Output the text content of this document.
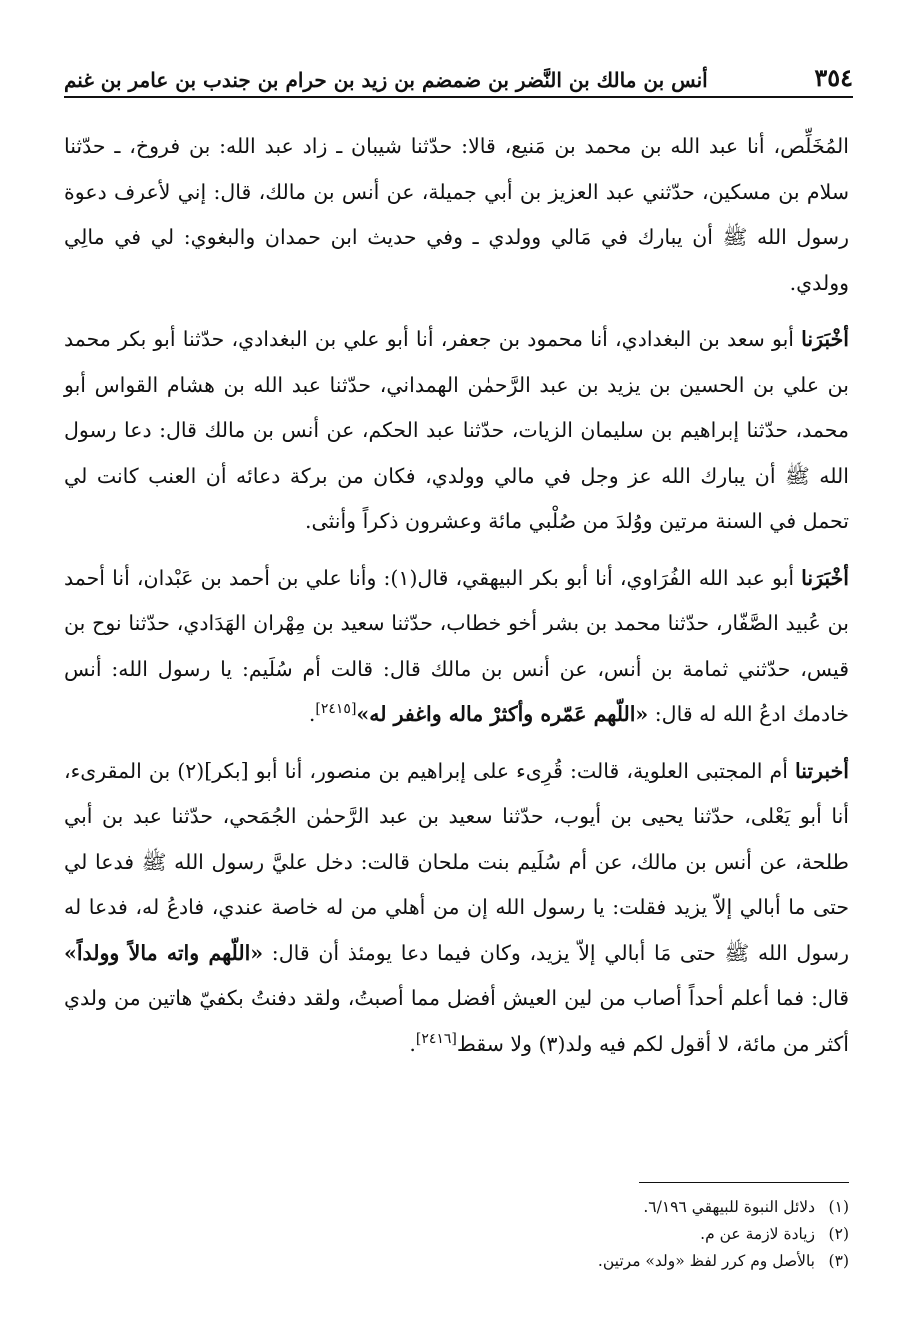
٣٥٤
أنس بن مالك بن النَّضر بن ضمضم بن زيد بن حرام بن جندب بن عامر بن غنم

المُخَلِّص، أنا عبد الله بن محمد بن مَنيع، قالا: حدّثنا شيبان ـ زاد عبد الله: بن فروخ، ـ حدّثنا سلام بن مسكين، حدّثني عبد العزيز بن أبي جميلة، عن أنس بن مالك، قال: إني لأعرف دعوة رسول الله ﷺ أن يبارك في مَالي وولدي ـ وفي حديث ابن حمدان والبغوي: لي في مالِي وولدي.

أخْبَرَنا أبو سعد بن البغدادي، أنا محمود بن جعفر، أنا أبو علي بن البغدادي، حدّثنا أبو بكر محمد بن علي بن الحسين بن يزيد بن عبد الرَّحمٰن الهمداني، حدّثنا عبد الله بن هشام القواس أبو محمد، حدّثنا إبراهيم بن سليمان الزيات، حدّثنا عبد الحكم، عن أنس بن مالك قال: دعا رسول الله ﷺ أن يبارك الله عز وجل في مالي وولدي، فكان من بركة دعائه أن العنب كانت لي تحمل في السنة مرتين ووُلدَ من صُلْبي مائة وعشرون ذكراً وأنثى.

أخْبَرَنا أبو عبد الله الفُرَاوي، أنا أبو بكر البيهقي، قال(١): وأنا علي بن أحمد بن عَبْدان، أنا أحمد بن عُبيد الصَّفّار، حدّثنا محمد بن بشر أخو خطاب، حدّثنا سعيد بن مِهْران الهَدَادي، حدّثنا نوح بن قيس، حدّثني ثمامة بن أنس، عن أنس بن مالك قال: قالت أم سُلَيم: يا رسول الله: أنس خادمك ادعُ الله له قال: «اللّهم عَمّره وأكثرْ ماله واغفر له»[٢٤١٥].

أخبرتنا أم المجتبى العلوية، قالت: قُرِىء على إبراهيم بن منصور، أنا أبو [بكر](٢) بن المقرىء، أنا أبو يَعْلى، حدّثنا يحيى بن أيوب، حدّثنا سعيد بن عبد الرَّحمٰن الجُمَحي، حدّثنا عبد بن أبي طلحة، عن أنس بن مالك، عن أم سُلَيم بنت ملحان قالت: دخل عليَّ رسول الله ﷺ فدعا لي حتى ما أبالي إلاّ يزيد فقلت: يا رسول الله إن من أهلي من له خاصة عندي، فادعُ له، فدعا له رسول الله ﷺ حتى مَا أبالي إلاّ يزيد، وكان فيما دعا يومئذ أن قال: «اللّهم واته مالاً وولداً» قال: فما أعلم أحداً أصاب من لين العيش أفضل مما أصبتُ، ولقد دفنتُ بكفيّ هاتين من ولدي أكثر من مائة، لا أقول لكم فيه ولد(٣) ولا سقط[٢٤١٦].

(١)دلائل النبوة للبيهقي ٦/١٩٦.
(٢)زيادة لازمة عن م.
(٣)بالأصل وم كرر لفظ «ولد» مرتين.
